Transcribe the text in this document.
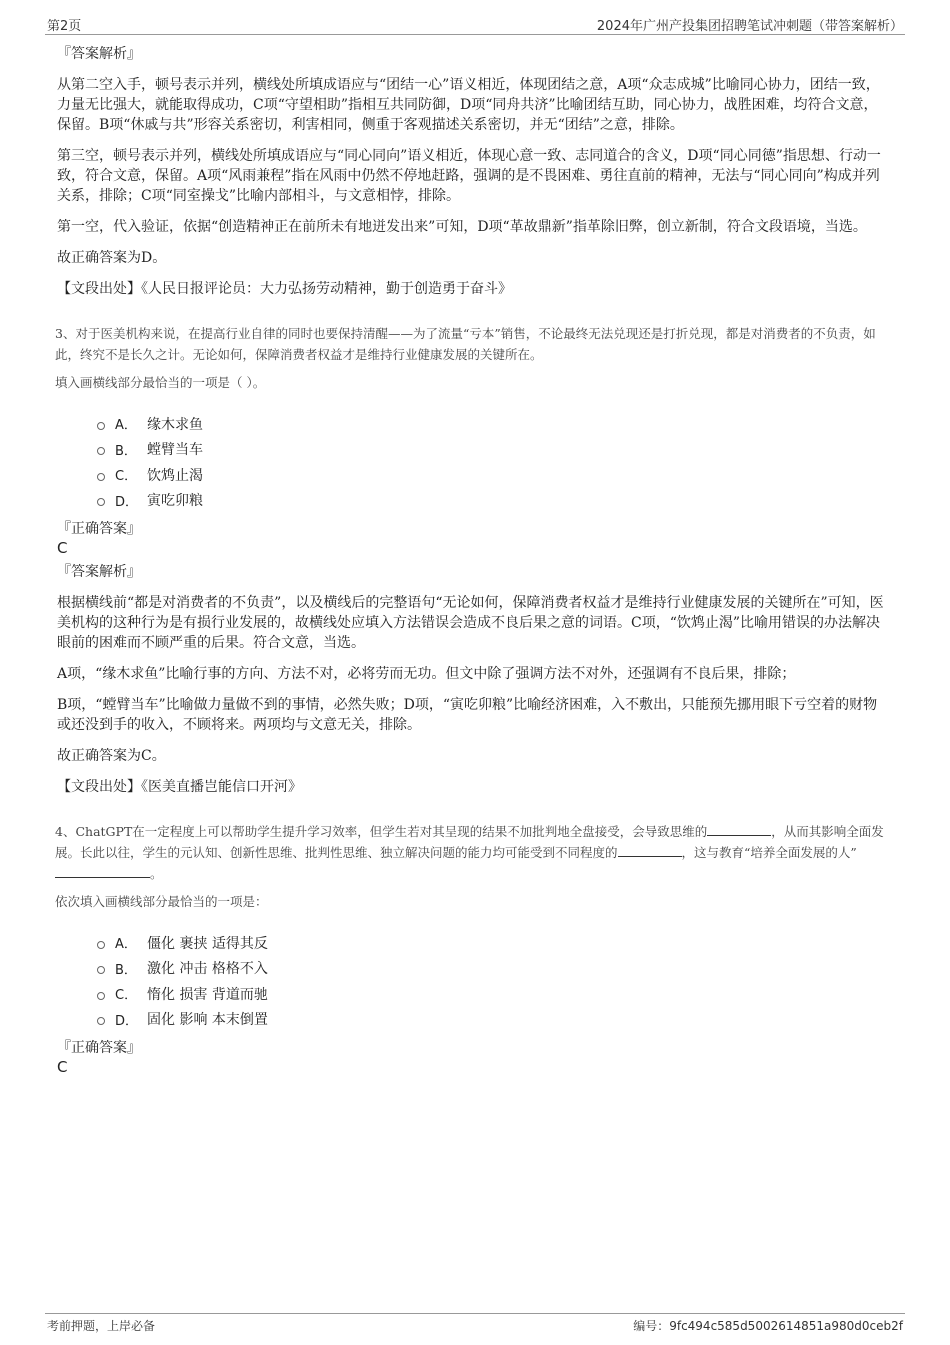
第2页	2024年广州产投集团招聘笔试冲刺题（带答案解析）

『答案解析』

从第二空入手，顿号表示并列，横线处所填成语应与“团结一心”语义相近，体现团结之意，A项“众志成城”比喻同心协力，团结一致，力量无比强大，就能取得成功，C项“守望相助”指相互共同防御，D项“同舟共济”比喻团结互助，同心协力，战胜困难，均符合文意，保留。B项“休戚与共”形容关系密切，利害相同，侧重于客观描述关系密切，并无“团结”之意，排除。

第三空，顿号表示并列，横线处所填成语应与“同心同向”语义相近，体现心意一致、志同道合的含义，D项“同心同德”指思想、行动一致，符合文意，保留。A项“风雨兼程”指在风雨中仍然不停地赶路，强调的是不畏困难、勇往直前的精神，无法与“同心同向”构成并列关系，排除；C项“同室操戈”比喻内部相斗，与文意相悖，排除。

第一空，代入验证，依据“创造精神正在前所未有地迸发出来”可知，D项“革故鼎新”指革除旧弊，创立新制，符合文段语境，当选。

故正确答案为D。

【文段出处】《人民日报评论员：大力弘扬劳动精神，勤于创造勇于奋斗》

3、对于医美机构来说，在提高行业自律的同时也要保持清醒——为了流量“亏本”销售，不论最终无法兑现还是打折兑现，都是对消费者的不负责，如此，终究不是长久之计。无论如何，保障消费者权益才是维持行业健康发展的关键所在。

填入画横线部分最恰当的一项是（ ）。

A． 缘木求鱼
B． 螳臂当车
C． 饮鸩止渴
D． 寅吃卯粮

『正确答案』

C

『答案解析』

根据横线前“都是对消费者的不负责”，以及横线后的完整语句“无论如何，保障消费者权益才是维持行业健康发展的关键所在”可知，医美机构的这种行为是有损行业发展的，故横线处应填入方法错误会造成不良后果之意的词语。C项，“饮鸩止渴”比喻用错误的办法解决眼前的困难而不顾严重的后果。符合文意，当选。

A项，“缘木求鱼”比喻行事的方向、方法不对，必将劳而无功。但文中除了强调方法不对外，还强调有不良后果，排除；

B项，“螳臂当车”比喻做力量做不到的事情，必然失败；D项，“寅吃卯粮”比喻经济困难，入不敷出，只能预先挪用眼下亏空着的财物或还没到手的收入，不顾将来。两项均与文意无关，排除。

故正确答案为C。

【文段出处】《医美直播岂能信口开河》

4、ChatGPT在一定程度上可以帮助学生提升学习效率，但学生若对其呈现的结果不加批判地全盘接受，会导致思维的	，从而其影响全面发展。长此以往，学生的元认知、创新性思维、批判性思维、独立解决问题的能力均可能受到不同程度的	，这与教育“培养全面发展的人”。

依次填入画横线部分最恰当的一项是：

A． 僵化 裹挟 适得其反
B． 激化 冲击 格格不入
C． 惰化 损害 背道而驰
D． 固化 影响 本末倒置

『正确答案』

C

考前押题，上岸必备	编号：9fc494c585d5002614851a980d0ceb2f
